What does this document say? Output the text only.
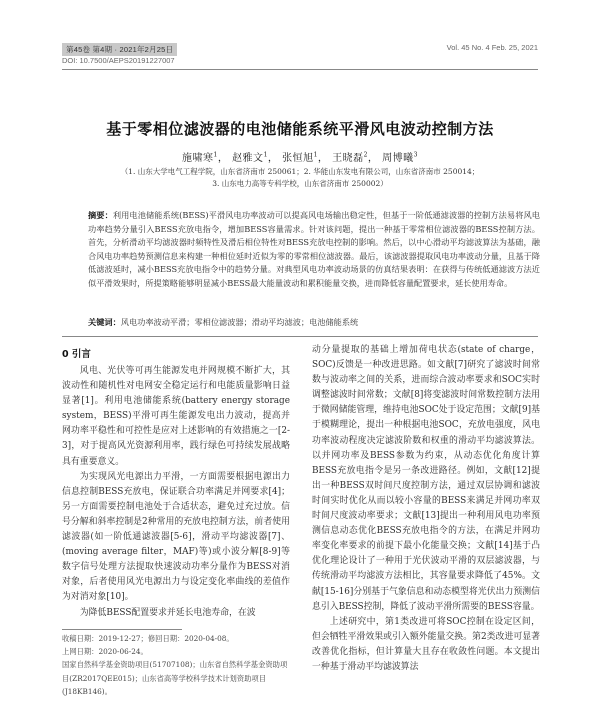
第45卷 第4期 · 2021年2月25日	Vol. 45 No. 4 Feb. 25, 2021
DOI: 10.7500/AEPS20191227007
基于零相位滤波器的电池储能系统平滑风电波动控制方法
施啸寒$^1$， 赵雅文$^1$， 张恒旭$^1$， 王晓磊$^2$， 周博曦$^3$
（1. 山东大学电气工程学院，山东省济南市 250061；2. 华能山东发电有限公司，山东省济南市 250014；
3. 山东电力高等专科学校，山东省济南市 250002）
摘要：利用电池储能系统(BESS)平滑风电功率波动可以提高风电场输出稳定性，但基于一阶低通滤波器的控制方法易将风电功率趋势分量引入BESS充放电指令，增加BESS容量需求。针对该问题，提出一种基于零常相位滤波器的BESS控制方法。首先，分析滑动平均滤波器时频特性及滑后相位特性对BESS充放电控制的影响。然后，以中心滑动平均滤波算法为基础，融合风电功率趋势预测信息来构建一种相位延时近似为零的零常相位滤波器。最后，该滤波器提取风电功率波动分量，且基于降低滤波延时，减小BESS充放电指令中的趋势分量。对典型风电功率波动场景的仿真结果表明：在获得与传统低通滤波方法近似平滑效果时，所提策略能够明显减小BESS最大能量波动和累积能量交换，进而降低容量配置要求，延长使用寿命。
关键词：风电功率波动平滑；零相位滤波器；滑动平均滤波；电池储能系统
0 引言

风电、光伏等可再生能源发电并网规模不断扩大，其波动性和随机性对电网安全稳定运行和电能质量影响日益显著[1]。利用电池储能系统(battery energy storage system，BESS)平滑可再生能源发电出力波动，提高并网功率平稳性和可控性是应对上述影响的有效措施之一[2-3]，对于提高风光资源利用率，践行绿色可持续发展战略具有重要意义。

为实现风光电源出力平滑，一方面需要根据电源出力信息控制BESS充放电，保证联合功率满足并网要求[4]；另一方面需要控制电池处于合适状态，避免过充过放。信号分解和斜率控制是2种常用的充放电控制方法，前者使用滤波器(如一阶低通滤波器[5-6]，滑动平均滤波器[7]、(moving average filter，MAF)等)或小波分解[8-9]等数字信号处理方法提取快速波动功率分量作为BESS对消对象，后者使用风光电源出力与设定变化率曲线的差值作为对消对象[10]。

为降低BESS配置要求并延长电池寿命，在波

收稿日期：2019-12-27；修回日期：2020-04-08。
上网日期：2020-06-24。
国家自然科学基金资助项目(51707108)；山东省自然科学基金资助项目(ZR2017QEE015)；山东省高等学校科学技术计划资助项目(J18KB146)。

动分量提取的基础上增加荷电状态(state of charge，SOC)反馈是一种改进思路。如文献[7]研究了滤波时间常数与波动率之间的关系，进而综合波动率要求和SOC实时调整滤波时间常数；文献[8]将变滤波时间常数控制方法用于微网储能管理，维持电池SOC处于设定范围；文献[9]基于模糊理论，提出一种根据电池SOC，充放电强度，风电功率波动程度决定滤波阶数和权重的滑动平均滤波算法。以并网功率及BESS参数为约束，从动态优化角度计算BESS充放电指令是另一条改进路径。例如，文献[12]提出一种BESS双时间尺度控制方法，通过双层协调和滤波时间实时优化从而以较小容量的BESS来满足并网功率双时间尺度波动率要求；文献[13]提出一种利用风电功率预测信息动态优化BESS充放电指令的方法，在满足并网功率变化率要求的前提下最小化能量交换；文献[14]基于凸优化理论设计了一种用于光伏波动平滑的双层滤波器，与传统滑动平均滤波方法相比，其容量要求降低了45%。文献[15-16]分别基于气象信息和动态模型将光伏出力预测信息引入BESS控制，降低了波动平滑所需要的BESS容量。

上述研究中，第1类改进可将SOC控制在设定区间，但会牺牲平滑效果或引入额外能量交换。第2类改进可显著改善优化指标，但计算量大且存在收敛性问题。本文提出一种基于滑动平均滤波算法
